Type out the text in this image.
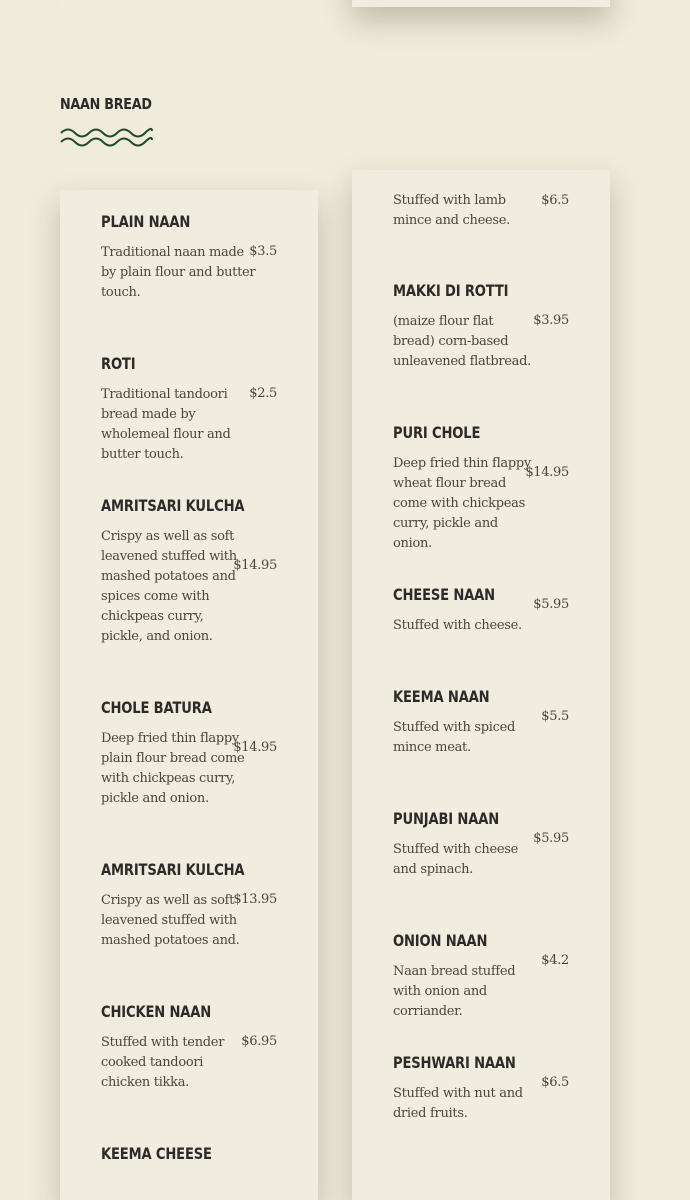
NAAN BREAD
PLAIN NAAN
Traditional naan made by plain flour and butter touch.
$3.5
ROTI
Traditional tandoori bread made by wholemeal flour and butter touch.
$2.5
AMRITSARI KULCHA
Crispy as well as soft leavened stuffed with mashed potatoes and spices come with chickpeas curry, pickle, and onion.
$14.95
CHOLE BATURA
Deep fried thin flappy plain flour bread come with chickpeas curry, pickle and onion.
$14.95
AMRITSARI KULCHA
Crispy as well as soft leavened stuffed with mashed potatoes and.
$13.95
CHICKEN NAAN
Stuffed with tender cooked tandoori chicken tikka.
$6.95
KEEMA CHEESE
Stuffed with lamb mince and cheese.
$6.5
MAKKI DI ROTTI
(maize flour flat bread) corn-based unleavened flatbread.
$3.95
PURI CHOLE
Deep fried thin flappy wheat flour bread come with chickpeas curry, pickle and onion.
$14.95
CHEESE NAAN
Stuffed with cheese.
$5.95
KEEMA NAAN
Stuffed with spiced mince meat.
$5.5
PUNJABI NAAN
Stuffed with cheese and spinach.
$5.95
ONION NAAN
Naan bread stuffed with onion and corriander.
$4.2
PESHWARI NAAN
Stuffed with nut and dried fruits.
$6.5
